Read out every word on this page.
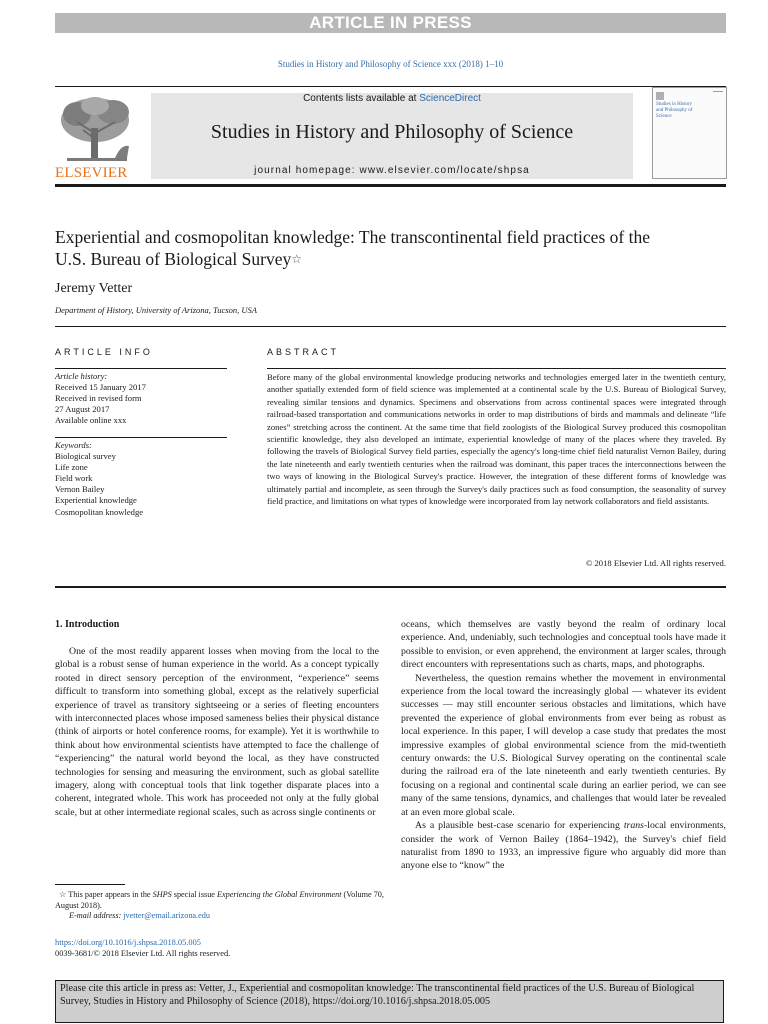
ARTICLE IN PRESS
Studies in History and Philosophy of Science xxx (2018) 1–10
ELSEVIER
Contents lists available at ScienceDirect
Studies in History and Philosophy of Science
journal homepage: www.elsevier.com/locate/shpsa
Studies in History and Philosophy of Science
Experiential and cosmopolitan knowledge: The transcontinental field practices of the U.S. Bureau of Biological Survey☆
Jeremy Vetter
Department of History, University of Arizona, Tucson, USA
ARTICLE INFO
Article history:
Received 15 January 2017
Received in revised form
27 August 2017
Available online xxx
Keywords:
Biological survey
Life zone
Field work
Vernon Bailey
Experiential knowledge
Cosmopolitan knowledge
ABSTRACT
Before many of the global environmental knowledge producing networks and technologies emerged later in the twentieth century, another spatially extended form of field science was implemented at a continental scale by the U.S. Bureau of Biological Survey, revealing similar tensions and dynamics. Specimens and observations from across continental spaces were integrated through railroad-based transportation and communications networks in order to map distributions of birds and mammals and delineate “life zones” stretching across the continent. At the same time that field zoologists of the Biological Survey produced this cosmopolitan scientific knowledge, they also developed an intimate, experiential knowledge of many of the places where they traveled. By following the travels of Biological Survey field parties, especially the agency's long-time chief field naturalist Vernon Bailey, during the late nineteenth and early twentieth centuries when the railroad was dominant, this paper traces the interconnections between the two ways of knowing in the Biological Survey's practice. However, the integration of these different forms of knowledge was ultimately partial and incomplete, as seen through the Survey's daily practices such as food consumption, the seasonality of survey field practice, and limitations on what types of knowledge were incorporated from lay network collaborators and field assistants.
© 2018 Elsevier Ltd. All rights reserved.
1. Introduction

One of the most readily apparent losses when moving from the local to the global is a robust sense of human experience in the world. As a concept typically rooted in direct sensory perception of the environment, “experience” seems difficult to transform into something global, except as the relatively superficial experience of travel as transitory sightseeing or a series of fleeting encounters with interconnected places whose imposed sameness belies their physical distance (think of airports or hotel conference rooms, for example). Yet it is worthwhile to think about how environmental scientists have attempted to face the challenge of “experiencing” the natural world beyond the local, as they have constructed technologies for sensing and measuring the environment, such as global satellite imagery, along with conceptual tools that link together disparate places into a coherent, integrated whole. This work has proceeded not only at the fully global scale, but at other intermediate regional scales, such as across single continents or

oceans, which themselves are vastly beyond the realm of ordinary local experience. And, undeniably, such technologies and conceptual tools have made it possible to envision, or even apprehend, the environment at larger scales, through direct encounters with representations such as charts, maps, and photographs.

Nevertheless, the question remains whether the movement in environmental experience from the local toward the increasingly global — whatever its evident successes — may still encounter serious obstacles and limitations, which have prevented the experience of global environments from ever being as robust as local experience. In this paper, I will develop a case study that predates the most impressive examples of global environmental science from the mid-twentieth century onwards: the U.S. Biological Survey operating on the continental scale during the railroad era of the late nineteenth and early twentieth centuries. By focusing on a regional and continental scale during an earlier period, we can see many of the same tensions, dynamics, and challenges that would later be revealed at an even more global scale.

As a plausible best-case scenario for experiencing trans-local environments, consider the work of Vernon Bailey (1864–1942), the Survey's chief field naturalist from 1890 to 1933, an impressive figure who arguably did more than anyone else to “know” the

☆ This paper appears in the SHPS special issue Experiencing the Global Environment (Volume 70, August 2018).
E-mail address: jvetter@email.arizona.edu
https://doi.org/10.1016/j.shpsa.2018.05.005
0039-3681/© 2018 Elsevier Ltd. All rights reserved.
Please cite this article in press as: Vetter, J., Experiential and cosmopolitan knowledge: The transcontinental field practices of the U.S. Bureau of Biological Survey, Studies in History and Philosophy of Science (2018), https://doi.org/10.1016/j.shpsa.2018.05.005
